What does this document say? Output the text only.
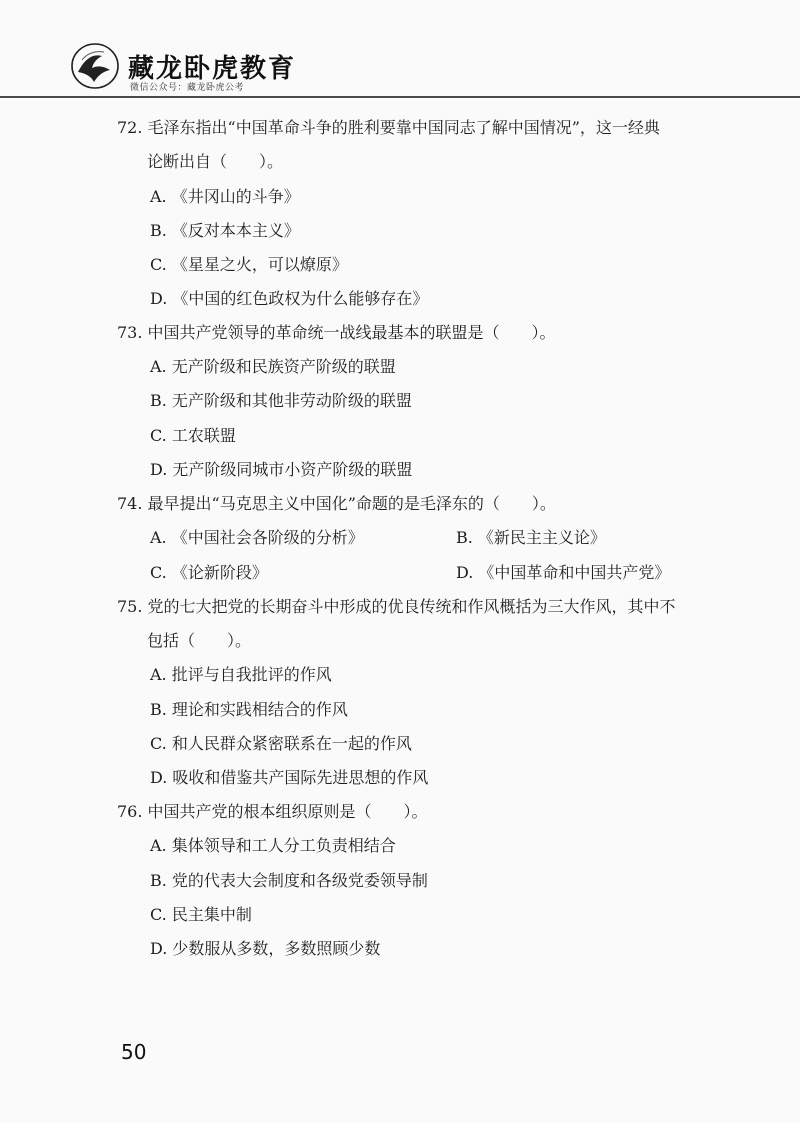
藏龙卧虎教育
微信公众号：藏龙卧虎公考
72. 毛泽东指出“中国革命斗争的胜利要靠中国同志了解中国情况”，这一经典
论断出自（　　）。
A. 《井冈山的斗争》
B. 《反对本本主义》
C. 《星星之火，可以燎原》
D. 《中国的红色政权为什么能够存在》
73. 中国共产党领导的革命统一战线最基本的联盟是（　　）。
A. 无产阶级和民族资产阶级的联盟
B. 无产阶级和其他非劳动阶级的联盟
C. 工农联盟
D. 无产阶级同城市小资产阶级的联盟
74. 最早提出“马克思主义中国化”命题的是毛泽东的（　　）。
A. 《中国社会各阶级的分析》	B. 《新民主主义论》
C. 《论新阶段》	D. 《中国革命和中国共产党》
75. 党的七大把党的长期奋斗中形成的优良传统和作风概括为三大作风，其中不
包括（　　）。
A. 批评与自我批评的作风
B. 理论和实践相结合的作风
C. 和人民群众紧密联系在一起的作风
D. 吸收和借鉴共产国际先进思想的作风
76. 中国共产党的根本组织原则是（　　）。
A. 集体领导和工人分工负责相结合
B. 党的代表大会制度和各级党委领导制
C. 民主集中制
D. 少数服从多数，多数照顾少数
50
